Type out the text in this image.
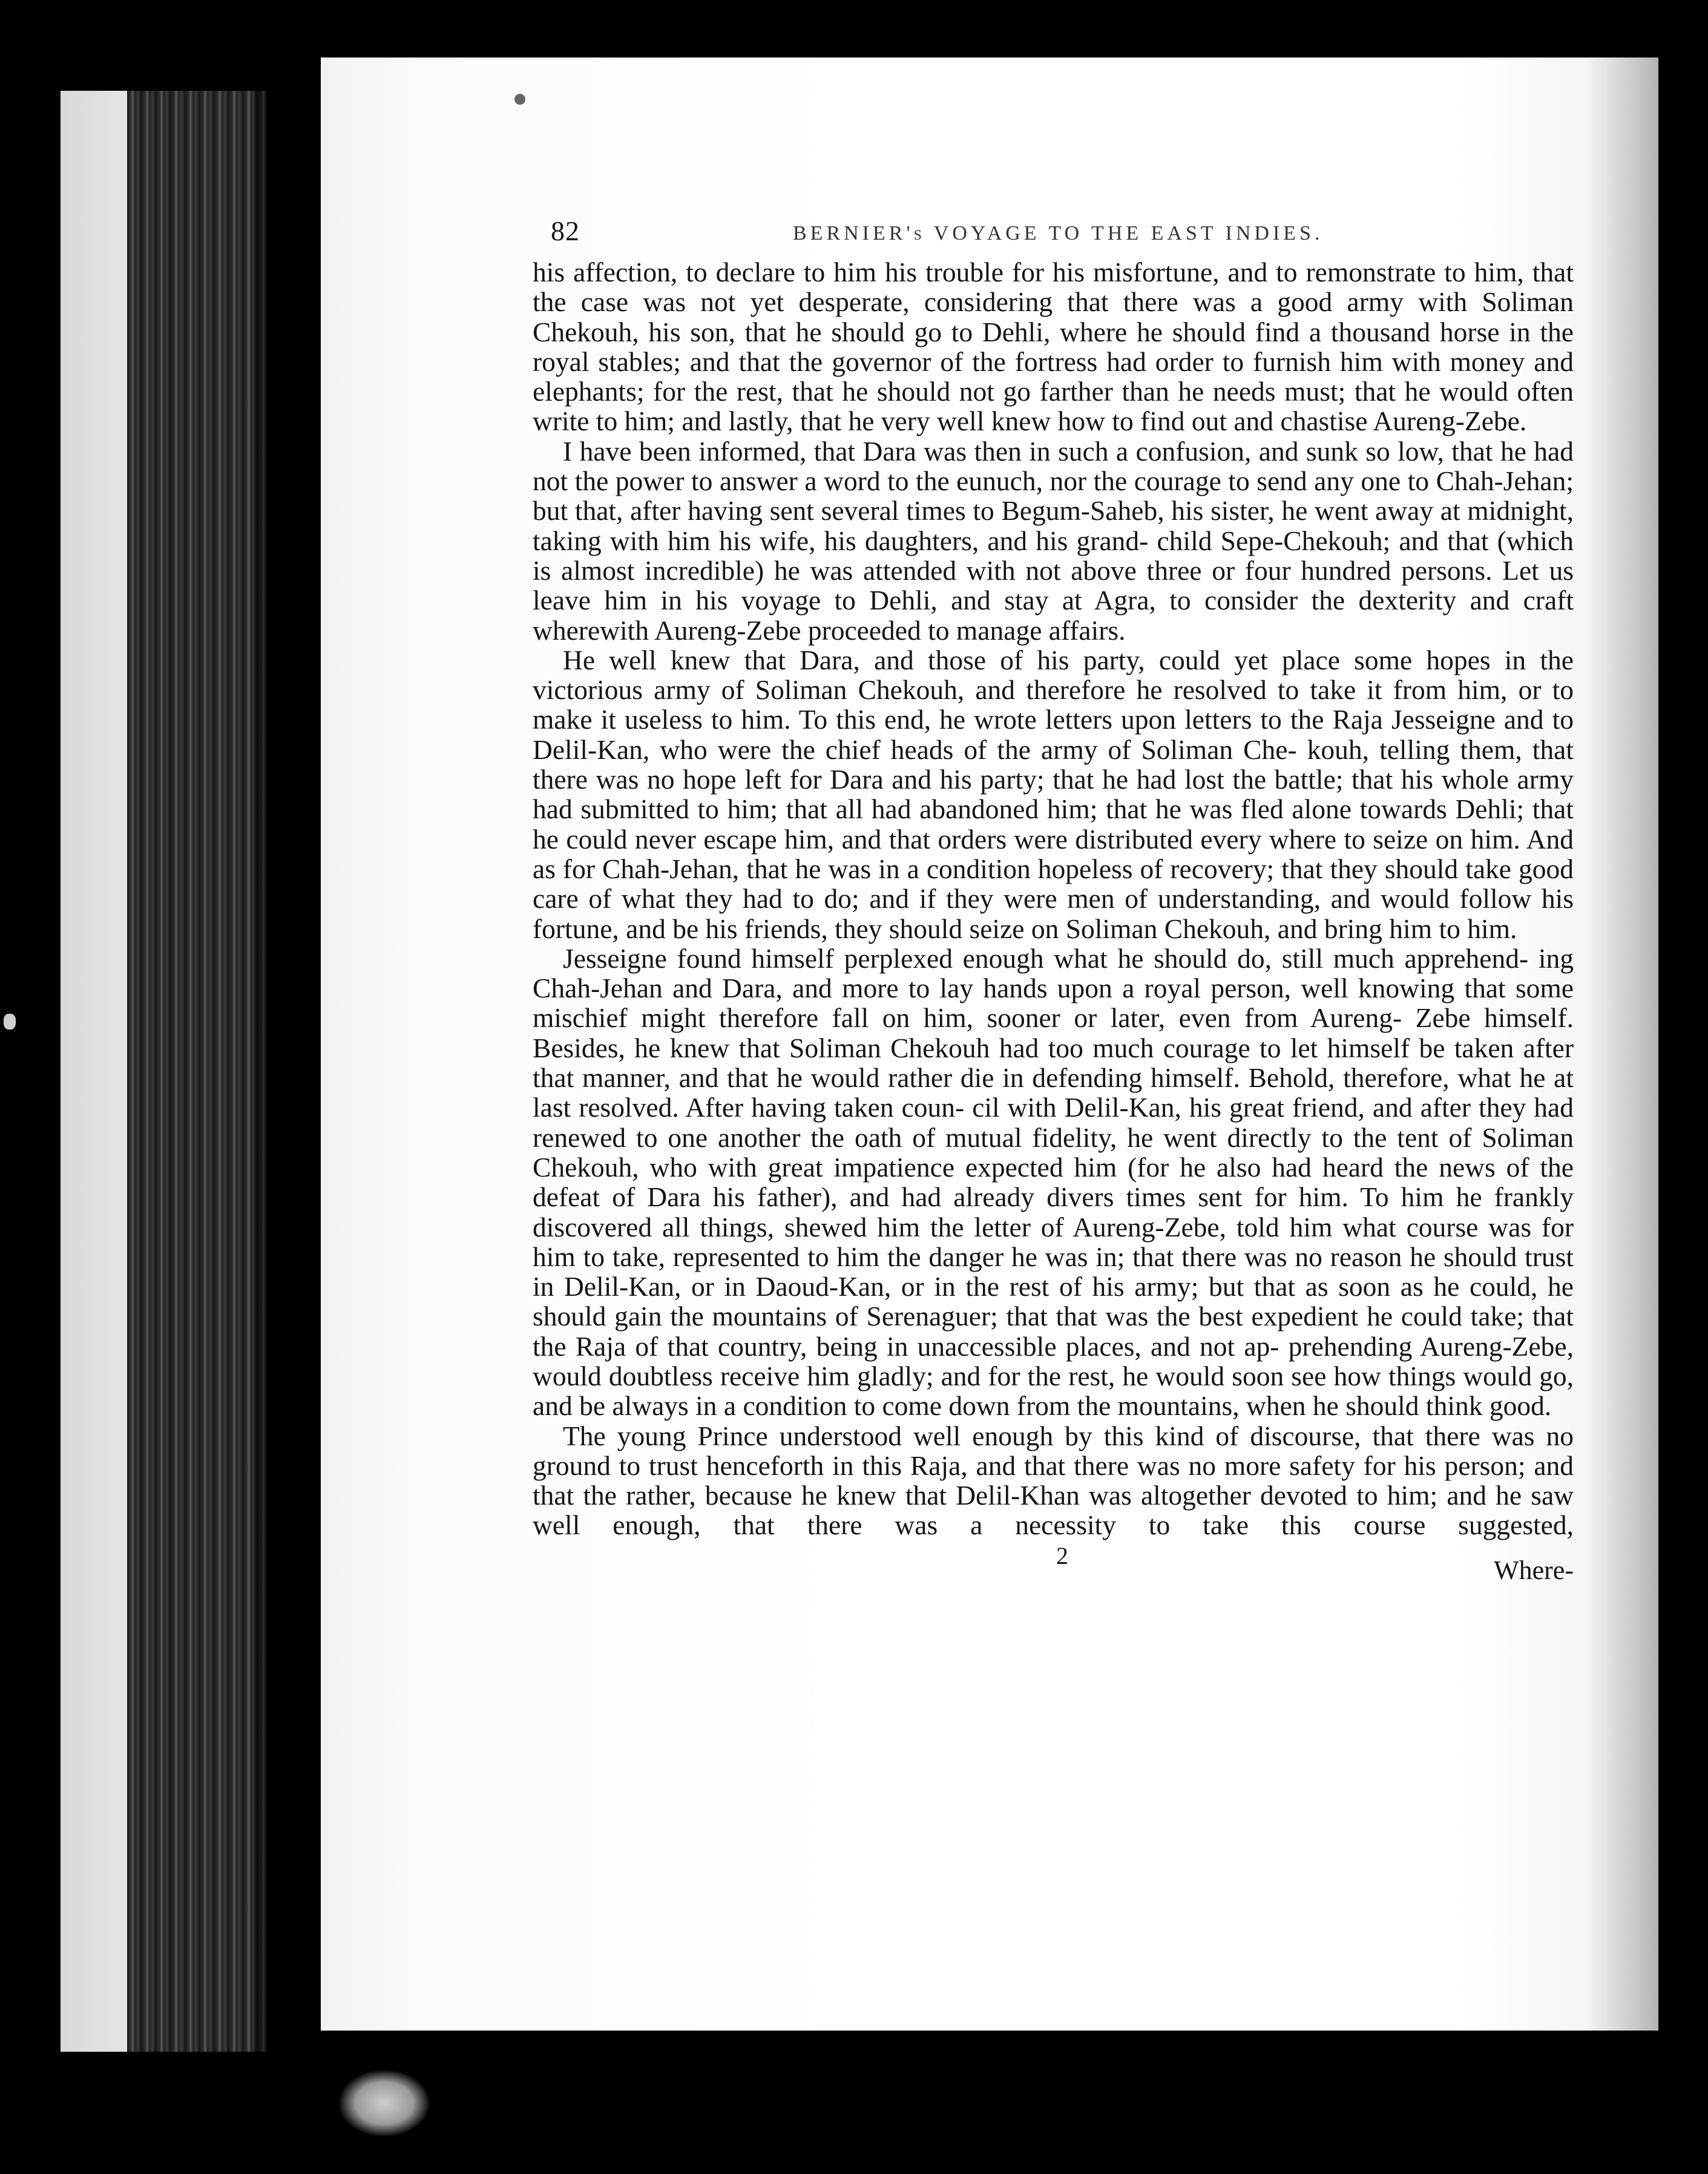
82	BERNIER's VOYAGE TO THE EAST INDIES.

his affection, to declare to him his trouble for his misfortune, and to remonstrate to him, that the case was not yet desperate, considering that there was a good army with Soliman Chekouh, his son, that he should go to Dehli, where he should find a thousand horse in the royal stables; and that the governor of the fortress had order to furnish him with money and elephants; for the rest, that he should not go farther than he needs must; that he would often write to him; and lastly, that he very well knew how to find out and chastise Aureng-Zebe.

I have been informed, that Dara was then in such a confusion, and sunk so low, that he had not the power to answer a word to the eunuch, nor the courage to send any one to Chah-Jehan; but that, after having sent several times to Begum-Saheb, his sister, he went away at midnight, taking with him his wife, his daughters, and his grand- child Sepe-Chekouh; and that (which is almost incredible) he was attended with not above three or four hundred persons. Let us leave him in his voyage to Dehli, and stay at Agra, to consider the dexterity and craft wherewith Aureng-Zebe proceeded to manage affairs.

He well knew that Dara, and those of his party, could yet place some hopes in the victorious army of Soliman Chekouh, and therefore he resolved to take it from him, or to make it useless to him. To this end, he wrote letters upon letters to the Raja Jesseigne and to Delil-Kan, who were the chief heads of the army of Soliman Che- kouh, telling them, that there was no hope left for Dara and his party; that he had lost the battle; that his whole army had submitted to him; that all had abandoned him; that he was fled alone towards Dehli; that he could never escape him, and that orders were distributed every where to seize on him. And as for Chah-Jehan, that he was in a condition hopeless of recovery; that they should take good care of what they had to do; and if they were men of understanding, and would follow his fortune, and be his friends, they should seize on Soliman Chekouh, and bring him to him.

Jesseigne found himself perplexed enough what he should do, still much apprehend- ing Chah-Jehan and Dara, and more to lay hands upon a royal person, well knowing that some mischief might therefore fall on him, sooner or later, even from Aureng- Zebe himself. Besides, he knew that Soliman Chekouh had too much courage to let himself be taken after that manner, and that he would rather die in defending himself. Behold, therefore, what he at last resolved. After having taken coun- cil with Delil-Kan, his great friend, and after they had renewed to one another the oath of mutual fidelity, he went directly to the tent of Soliman Chekouh, who with great impatience expected him (for he also had heard the news of the defeat of Dara his father), and had already divers times sent for him. To him he frankly discovered all things, shewed him the letter of Aureng-Zebe, told him what course was for him to take, represented to him the danger he was in; that there was no reason he should trust in Delil-Kan, or in Daoud-Kan, or in the rest of his army; but that as soon as he could, he should gain the mountains of Serenaguer; that that was the best expedient he could take; that the Raja of that country, being in unaccessible places, and not ap- prehending Aureng-Zebe, would doubtless receive him gladly; and for the rest, he would soon see how things would go, and be always in a condition to come down from the mountains, when he should think good.

The young Prince understood well enough by this kind of discourse, that there was no ground to trust henceforth in this Raja, and that there was no more safety for his person; and that the rather, because he knew that Delil-Khan was altogether devoted to him; and he saw well enough, that there was a necessity to take this course suggested,

2	Where-
